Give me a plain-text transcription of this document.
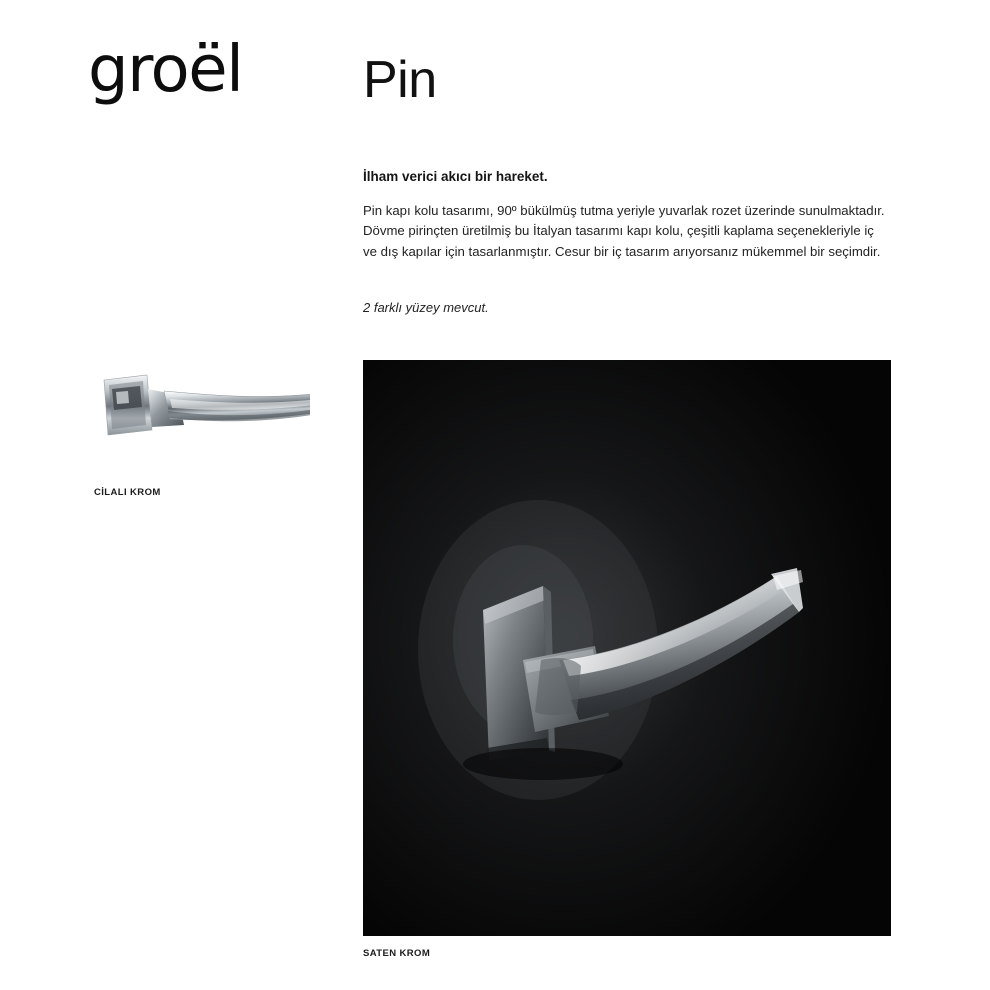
groël Pin

İlham verici akıcı bir hareket.

Pin kapı kolu tasarımı, 90º bükülmüş tutma yeriyle yuvarlak rozet üzerinde sunulmaktadır. Dövme pirinçten üretilmiş bu İtalyan tasarımı kapı kolu, çeşitli kaplama seçenekleriyle iç ve dış kapılar için tasarlanmıştır. Cesur bir iç tasarım arıyorsanız mükemmel bir seçimdir.

2 farklı yüzey mevcut.
CİLALI KROM
SATEN KROM
